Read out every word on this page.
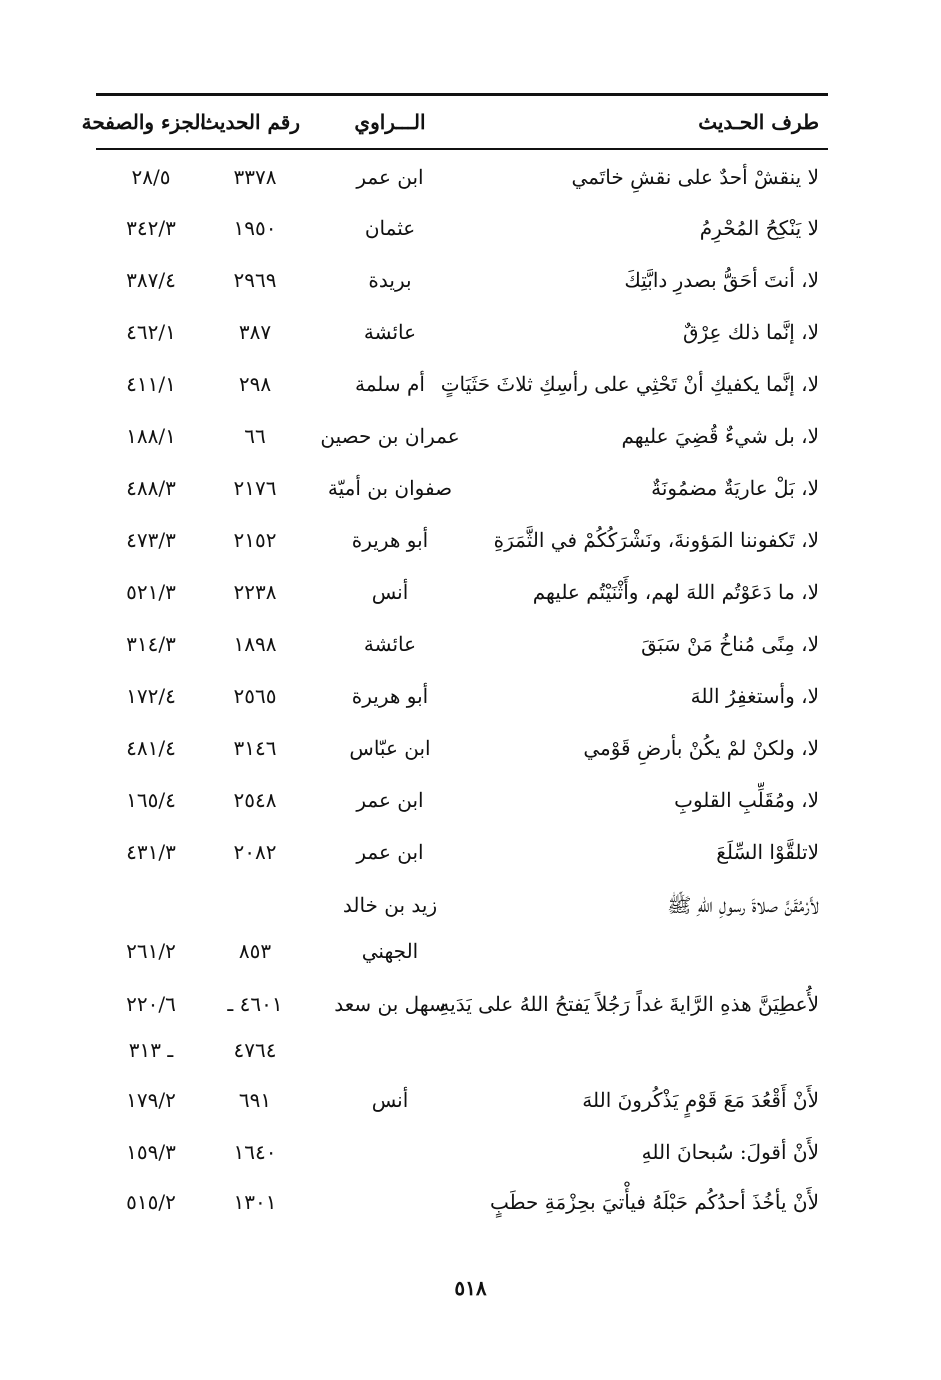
طرف الحـديث
الـــراوي
رقم الحديث
الجزء والصفحة
لا ينقشْ أحدٌ على نقشِ خاتَمي
ابن عمر
٣٣٧٨
٢٨/٥
لا يَنْكِحُ المُحْرِمُ
عثمان
١٩٥٠
٣٤٢/٣
لا، أنتَ أحَقُّ بصدرِ دابَّتِكَ
بريدة
٢٩٦٩
٣٨٧/٤
لا، إنَّما ذلك عِرْقٌ
عائشة
٣٨٧
٤٦٢/١
لا، إنَّما يكفيكِ أنْ تَحْثِي على رأسِكِ ثلاثَ حَثَيَاتٍ
أم سلمة
٢٩٨
٤١١/١
لا، بل شيءٌ قُضِيَ عليهم
عمران بن حصين
٦٦
١٨٨/١
لا، بَلْ عاريَةٌ مضمُونَةٌ
صفوان بن أميّة
٢١٧٦
٤٨٨/٣
لا، تَكفوننا المَؤونةَ، ونَشْرَكُكُمْ في الثَّمَرَةِ
أبو هريرة
٢١٥٢
٤٧٣/٣
لا، ما دَعَوْتُم اللهَ لهم، وأَثْنَيْتُم عليهم
أنس
٢٢٣٨
٥٢١/٣
لا، مِنًى مُناخُ مَنْ سَبَقَ
عائشة
١٨٩٨
٣١٤/٣
لا، وأستغفِرُ اللهَ
أبو هريرة
٢٥٦٥
١٧٢/٤
لا، ولكنْ لمْ يكُنْ بأرضِ قَوْمي
ابن عبّاس
٣١٤٦
٤٨١/٤
لا، ومُقَلِّبِ القلوبِ
ابن عمر
٢٥٤٨
١٦٥/٤
لاتلقَّوْا السِّلَعَ
ابن عمر
٢٠٨٢
٤٣١/٣
لأَرْمُقَنَّ صلاةَ رسولِ اللهِ ﷺ
زيد بن خالد
الجهني
٨٥٣
٢٦١/٢
لأُعطِيَنَّ هذهِ الرَّايةَ غداً رَجُلاً يَفتحُ اللهُ على يَدَيهِ
سهل بن سعد
٤٦٠١ ـ
٢٢٠/٦
٤٧٦٤
ـ ٣١٣
لأَنْ أَقْعُدَ مَعَ قَوْمٍ يَذْكُرونَ اللهَ
أنس
٦٩١
١٧٩/٢
لأَنْ أقولَ: سُبحانَ اللهِ
١٦٤٠
١٥٩/٣
لأَنْ يأخُذَ أحدُكُم حَبْلَهُ فيأْتيَ بحِزْمَةِ حطَبٍ
١٣٠١
٥١٥/٢
٥١٨
